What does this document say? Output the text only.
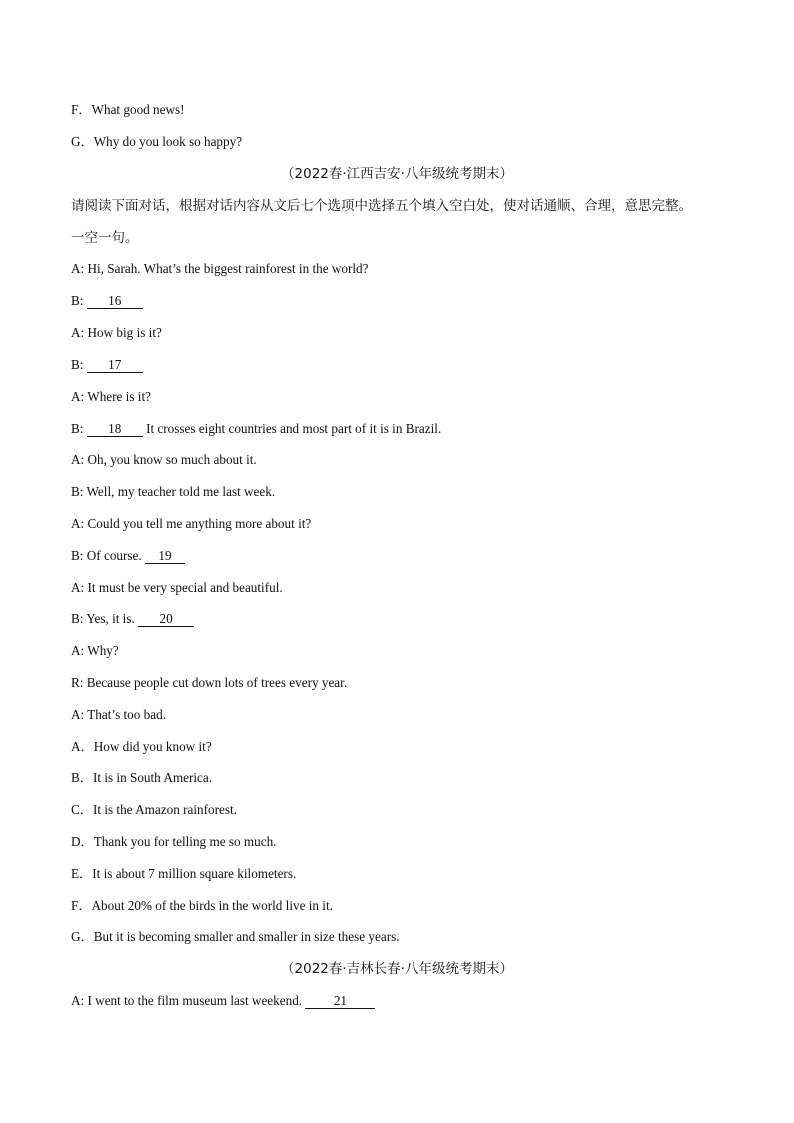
F．What good news!
G．Why do you look so happy?
（2022春·江西吉安·八年级统考期末）
请阅读下面对话，根据对话内容从文后七个选项中选择五个填入空白处，使对话通顺、合理，意思完整。
一空一句。
A: Hi, Sarah. What’s the biggest rainforest in the world?
B: 16
A: How big is it?
B: 17
A: Where is it?
B: 18 It crosses eight countries and most part of it is in Brazil.
A: Oh, you know so much about it.
B: Well, my teacher told me last week.
A: Could you tell me anything more about it?
B: Of course. 19
A: It must be very special and beautiful.
B: Yes, it is. 20
A: Why?
R: Because people cut down lots of trees every year.
A: That’s too bad.
A．How did you know it?
B．It is in South America.
C．It is the Amazon rainforest.
D．Thank you for telling me so much.
E．It is about 7 million square kilometers.
F．About 20% of the birds in the world live in it.
G．But it is becoming smaller and smaller in size these years.
（2022春·吉林长春·八年级统考期末）
A: I went to the film museum last weekend. 21
